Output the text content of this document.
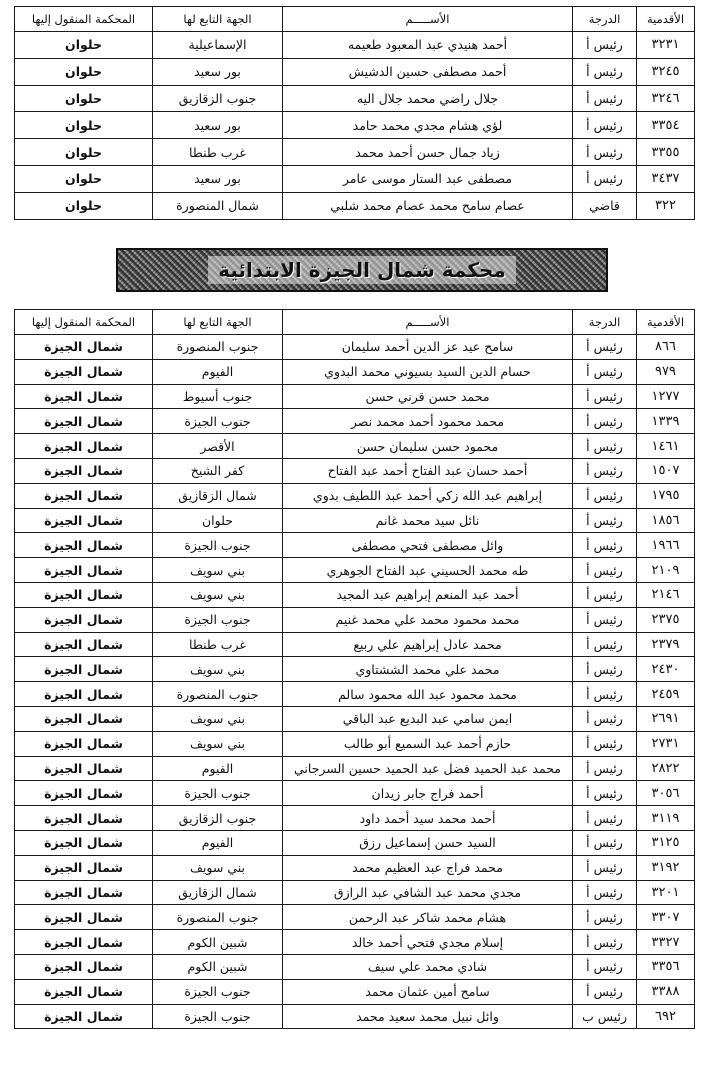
الأقدمية	الدرجة	الأســـــم	الجهة التابع لها	المحكمة المنقول إليها
٣٢٣١	رئيس أ	أحمد هنيدي عبد المعبود طعيمه	الإسماعيلية	حلوان
٣٢٤٥	رئيس أ	أحمد مصطفى حسين الدشيش	بور سعيد	حلوان
٣٢٤٦	رئيس أ	جلال راضي محمد جلال اليه	جنوب الزقازيق	حلوان
٣٣٥٤	رئيس أ	لؤي هشام مجدي محمد حامد	بور سعيد	حلوان
٣٣٥٥	رئيس أ	زياد جمال حسن أحمد محمد	غرب طنطا	حلوان
٣٤٣٧	رئيس أ	مصطفى عبد الستار موسى عامر	بور سعيد	حلوان
٣٢٢	قاضي	عصام سامح محمد عصام محمد شلبي	شمال المنصورة	حلوان
محكمة شمال الجيزة الابتدائية
الأقدمية	الدرجة	الأســـــم	الجهة التابع لها	المحكمة المنقول إليها
٨٦٦	رئيس أ	سامح عيد عز الدين أحمد سليمان	جنوب المنصورة	شمال الجيزة
٩٧٩	رئيس أ	حسام الدين السيد بسيوني محمد البدوي	الفيوم	شمال الجيزة
١٢٧٧	رئيس أ	محمد حسن قرني حسن	جنوب أسيوط	شمال الجيزة
١٣٣٩	رئيس أ	محمد محمود أحمد محمد نصر	جنوب الجيزة	شمال الجيزة
١٤٦١	رئيس أ	محمود حسن سليمان حسن	الأقصر	شمال الجيزة
١٥٠٧	رئيس أ	أحمد حسان عبد الفتاح أحمد عبد الفتاح	كفر الشيخ	شمال الجيزة
١٧٩٥	رئيس أ	إبراهيم عبد الله زكي أحمد عبد اللطيف بدوي	شمال الزقازيق	شمال الجيزة
١٨٥٦	رئيس أ	نائل سيد محمد غانم	حلوان	شمال الجيزة
١٩٦٦	رئيس أ	وائل مصطفى فتحي مصطفى	جنوب الجيزة	شمال الجيزة
٢١٠٩	رئيس أ	طه محمد الحسيني عبد الفتاح الجوهري	بني سويف	شمال الجيزة
٢١٤٦	رئيس أ	أحمد عبد المنعم إبراهيم عبد المجيد	بني سويف	شمال الجيزة
٢٣٧٥	رئيس أ	محمد محمود محمد علي محمد غنيم	جنوب الجيزة	شمال الجيزة
٢٣٧٩	رئيس أ	محمد عادل إبراهيم علي ربيع	غرب طنطا	شمال الجيزة
٢٤٣٠	رئيس أ	محمد علي محمد الششتاوي	بني سويف	شمال الجيزة
٢٤٥٩	رئيس أ	محمد محمود عبد الله محمود سالم	جنوب المنصورة	شمال الجيزة
٢٦٩١	رئيس أ	ايمن سامي عبد البديع عبد الباقي	بني سويف	شمال الجيزة
٢٧٣١	رئيس أ	حازم أحمد عبد السميع أبو طالب	بني سويف	شمال الجيزة
٢٨٢٢	رئيس أ	محمد عبد الحميد فضل عبد الحميد حسين السرجاني	الفيوم	شمال الجيزة
٣٠٥٦	رئيس أ	أحمد فراج جابر زيدان	جنوب الجيزة	شمال الجيزة
٣١١٩	رئيس أ	أحمد محمد سيد أحمد داود	جنوب الزقازيق	شمال الجيزة
٣١٢٥	رئيس أ	السيد حسن إسماعيل رزق	الفيوم	شمال الجيزة
٣١٩٢	رئيس أ	محمد فراج عبد العظيم محمد	بني سويف	شمال الجيزة
٣٢٠١	رئيس أ	مجدي محمد عبد الشافي عبد الرازق	شمال الزقازيق	شمال الجيزة
٣٣٠٧	رئيس أ	هشام محمد شاكر عبد الرحمن	جنوب المنصورة	شمال الجيزة
٣٣٢٧	رئيس أ	إسلام مجدي فتحي أحمد خالد	شبين الكوم	شمال الجيزة
٣٣٥٦	رئيس أ	شادي محمد علي سيف	شبين الكوم	شمال الجيزة
٣٣٨٨	رئيس أ	سامح أمين عثمان محمد	جنوب الجيزة	شمال الجيزة
٦٩٢	رئيس ب	وائل نبيل محمد سعيد محمد	جنوب الجيزة	شمال الجيزة
